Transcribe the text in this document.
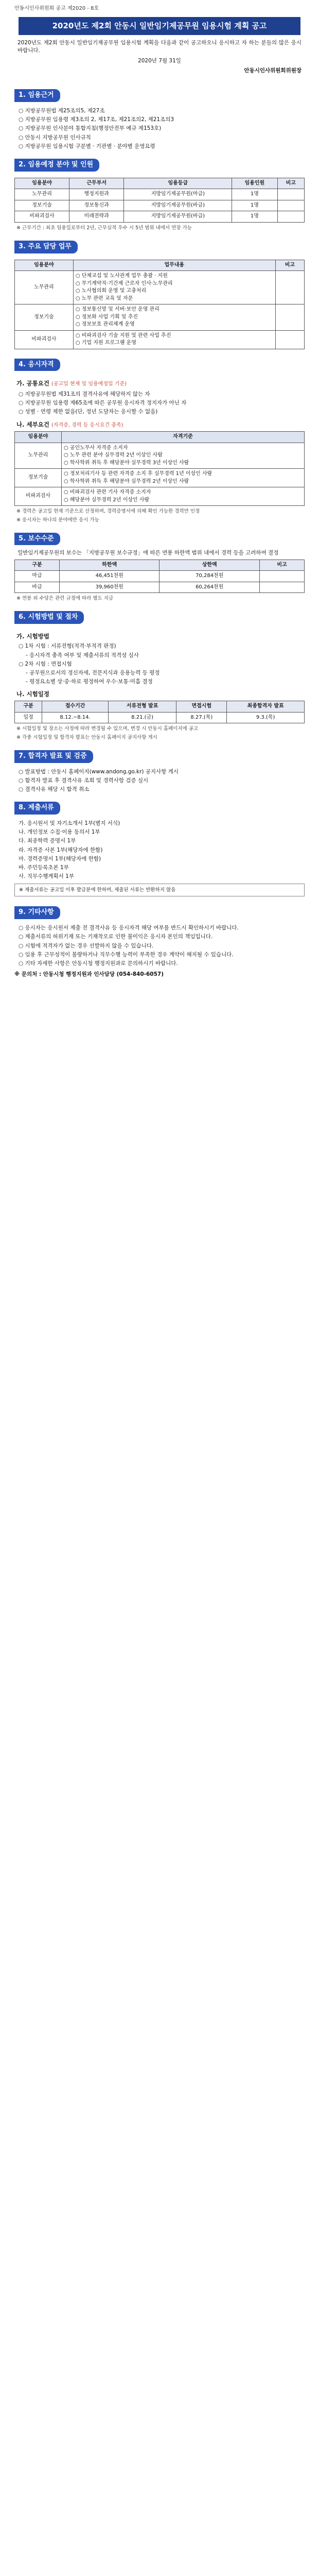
안동시인사위원회 공고 제2020 - 8호
2020년도 제2회 안동시 일반임기제공무원 임용시험 계획 공고

2020년도 제2회 안동시 일반임기제공무원 임용시험 계획을 다음과 같이 공고하오니 응시하고 자 하는 분들의 많은 응시 바랍니다.

2020년 7월 31일
안동시인사위원회위원장
1. 임용근거
○ 지방공무원법 제25조의5, 제27조
○ 지방공무원 임용령 제3조의 2, 제17조, 제21조의2, 제21조의3
○ 지방공무원 인사분야 통합지침(행정안전부 예규 제153호)
○ 안동시 지방공무원 인사규칙
○ 지방공무원 임용시험 구분별 · 기관별 · 분야별 운영요령
2. 임용예정 분야 및 인원
임용분야	근무부서	임용등급	임용인원	비고
노무관리	행정지원과	지방임기제공무원(마급)	1명	
정보기술	정보통신과	지방임기제공무원(바급)	1명	
비파괴검사	미래전략과	지방임기제공무원(바급)	1명	
※ 근무기간 : 최초 임용일로부터 2년, 근무실적 우수 시 5년 범위 내에서 연장 가능
3. 주요 담당 업무
임용분야	업무내용	비고
노무관리	○ 단체교섭 및 노사관계 업무 총괄 · 지원
○ 무기계약직·기간제 근로자 인사·노무관리
○ 노사협의회 운영 및 고충처리
○ 노무 관련 교육 및 자문	
정보기술	○ 정보통신망 및 서버·보안 운영 관리
○ 정보화 사업 기획 및 추진
○ 정보보호 관리체계 운영	
비파괴검사	○ 비파괴검사 기술 지원 및 관련 사업 추진
○ 기업 지원 프로그램 운영	
4. 응시자격
가. 공통요건 (공고일 현재 및 임용예정일 기준)
○ 지방공무원법 제31조의 결격사유에 해당하지 않는 자
○ 지방공무원 임용령 제65조에 따른 공무원 응시자격 정지자가 아닌 자
○ 성별 · 연령 제한 없음(단, 정년 도달자는 응시할 수 없음)
나. 세부요건 (자격증, 경력 등 응시요건 충족)
임용분야	자격기준
노무관리	○ 공인노무사 자격증 소지자
○ 노무 관련 분야 실무경력 2년 이상인 사람
○ 학사학위 취득 후 해당분야 실무경력 3년 이상인 사람
정보기술	○ 정보처리기사 등 관련 자격증 소지 후 실무경력 1년 이상인 사람
○ 학사학위 취득 후 해당분야 실무경력 2년 이상인 사람
비파괴검사	○ 비파괴검사 관련 기사 자격증 소지자
○ 해당분야 실무경력 2년 이상인 사람
※ 경력은 공고일 현재 기준으로 산정하며, 경력증명서에 의해 확인 가능한 경력만 인정
※ 응시자는 하나의 분야에만 응시 가능
5. 보수수준

일반임기제공무원의 보수는 「지방공무원 보수규정」에 따른 연봉 하한액 범위 내에서 경력 등을 고려하여 결정

구분	하한액	상한액	비고
마급	46,451천원	70,284천원	
바급	39,960천원	60,264천원	
※ 연봉 외 수당은 관련 규정에 따라 별도 지급
6. 시험방법 및 절차
가. 시험방법
○ 1차 시험 : 서류전형(적격·부적격 판정)
- 응시자격 충족 여부 및 제출서류의 적격성 심사
○ 2차 시험 : 면접시험
- 공무원으로서의 정신자세, 전문지식과 응용능력 등 평정
- 평정요소별 상·중·하로 평정하여 우수·보통·미흡 결정
나. 시험일정
구분	접수기간	서류전형 발표	면접시험	최종합격자 발표
일정	8.12.~8.14.	8.21.(금)	8.27.(목)	9.3.(목)
※ 시험일정 및 장소는 사정에 따라 변경될 수 있으며, 변경 시 안동시 홈페이지에 공고
※ 각종 시험일정 및 합격자 발표는 안동시 홈페이지 공지사항 게시
7. 합격자 발표 및 검증
○ 발표방법 : 안동시 홈페이지(www.andong.go.kr) 공지사항 게시
○ 합격자 발표 후 결격사유 조회 및 경력사항 검증 실시
○ 결격사유 해당 시 합격 취소
8. 제출서류
가. 응시원서 및 자기소개서 1부(별지 서식)
나. 개인정보 수집·이용 동의서 1부
다. 최종학력 증명서 1부
라. 자격증 사본 1부(해당자에 한함)
마. 경력증명서 1부(해당자에 한함)
바. 주민등록초본 1부
사. 직무수행계획서 1부
※ 제출서류는 공고일 이후 발급분에 한하며, 제출된 서류는 반환하지 않음
9. 기타사항
○ 응시자는 응시원서 제출 전 결격사유 등 응시자격 해당 여부를 반드시 확인하시기 바랍니다.
○ 제출서류의 허위기재 또는 기재착오로 인한 불이익은 응시자 본인의 책임입니다.
○ 시험에 적격자가 없는 경우 선발하지 않을 수 있습니다.
○ 임용 후 근무성적이 불량하거나 직무수행 능력이 부족한 경우 계약이 해지될 수 있습니다.
○ 기타 자세한 사항은 안동시청 행정지원과로 문의하시기 바랍니다.
※ 문의처 : 안동시청 행정지원과 인사담당 (054-840-6057)
